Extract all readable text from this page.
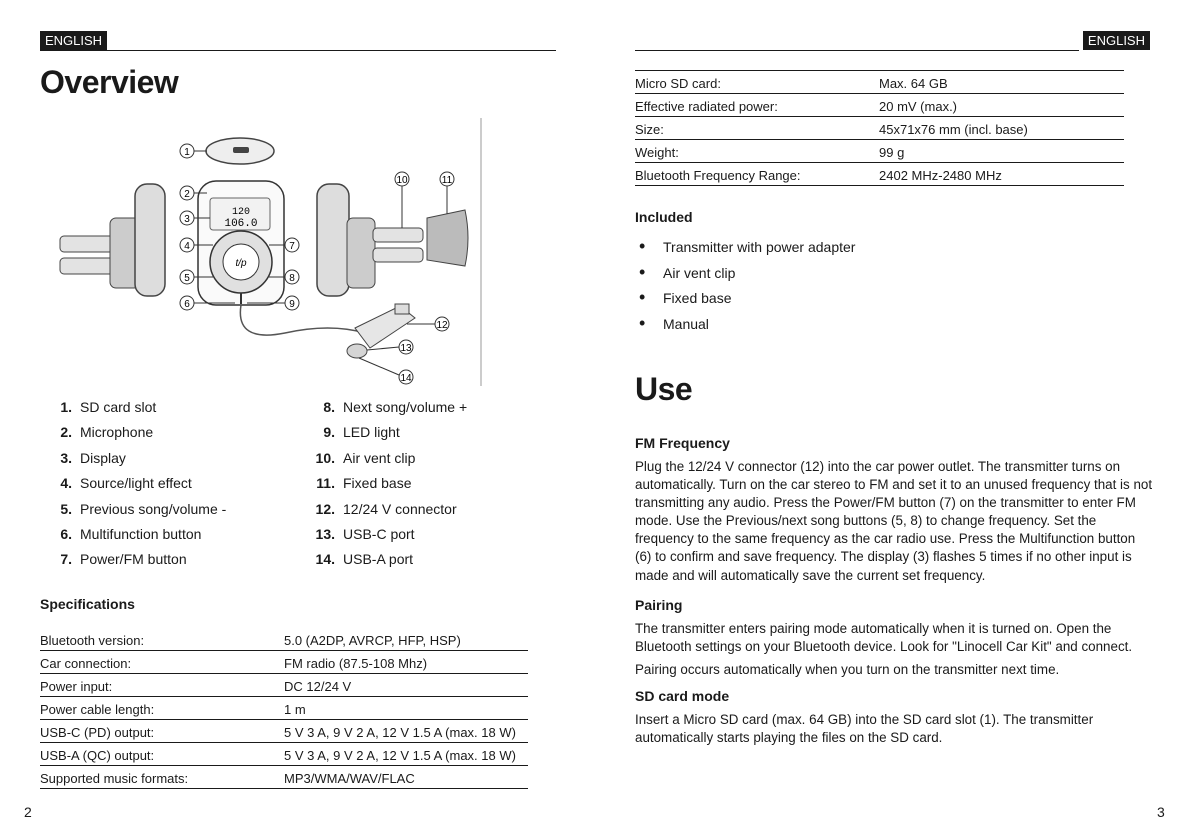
ENGLISH
Overview
120
106.0
t/p
1
2
3
4
5
6
7
8
9
10	11
12
13
14
1. SD card slot
2. Microphone
3. Display
4. Source/light effect
5. Previous song/volume -
6. Multifunction button
7. Power/FM button
8. Next song/volume +
9. LED light
10. Air vent clip
11. Fixed base
12. 12/24 V connector
13. USB-C port
14. USB-A port
Specifications
Bluetooth version:	5.0 (A2DP, AVRCP, HFP, HSP)
Car connection:	FM radio (87.5-108 Mhz)
Power input:	DC 12/24 V
Power cable length:	1 m
USB-C (PD) output:	5 V 3 A, 9 V 2 A, 12 V 1.5 A (max. 18 W)
USB-A (QC) output:	5 V 3 A, 9 V 2 A, 12 V 1.5 A (max. 18 W)
Supported music formats:	MP3/WMA/WAV/FLAC
2
ENGLISH
Micro SD card:	Max. 64 GB
Effective radiated power:	20 mV (max.)
Size:	45x71x76 mm (incl. base)
Weight:	99 g
Bluetooth Frequency Range:	2402 MHz-2480 MHz
Included
• Transmitter with power adapter
• Air vent clip
• Fixed base
• Manual
Use
FM Frequency

Plug the 12/24 V connector (12) into the car power outlet. The transmitter turns on automatically. Turn on the car stereo to FM and set it to an unused frequency that is not transmitting any audio. Press the Power/FM button (7) on the transmitter to enter FM mode. Use the Previous/next song buttons (5, 8) to change frequency. Set the frequency to the same frequency as the car radio use. Press the Multifunction button (6) to confirm and save frequency. The display (3) flashes 5 times if no other input is made and will automatically save the current set frequency.

Pairing

The transmitter enters pairing mode automatically when it is turned on. Open the Bluetooth settings on your Bluetooth device. Look for "Linocell Car Kit" and connect.

Pairing occurs automatically when you turn on the transmitter next time.

SD card mode

Insert a Micro SD card (max. 64 GB) into the SD card slot (1). The transmitter automatically starts playing the files on the SD card.

3
